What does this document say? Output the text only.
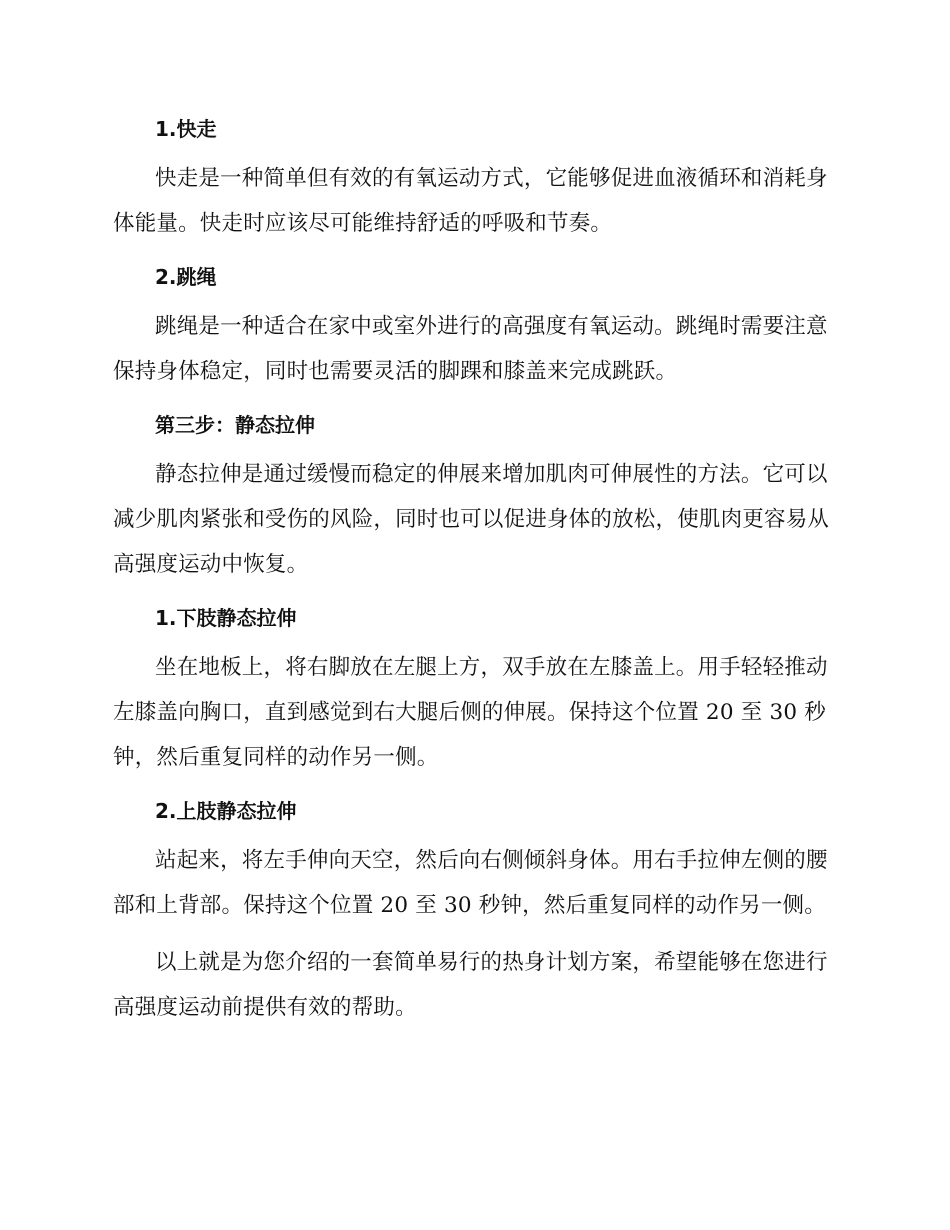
1.快走

快走是一种简单但有效的有氧运动方式，它能够促进血液循环和消耗身体能量。快走时应该尽可能维持舒适的呼吸和节奏。

2.跳绳

跳绳是一种适合在家中或室外进行的高强度有氧运动。跳绳时需要注意保持身体稳定，同时也需要灵活的脚踝和膝盖来完成跳跃。

第三步：静态拉伸

静态拉伸是通过缓慢而稳定的伸展来增加肌肉可伸展性的方法。它可以减少肌肉紧张和受伤的风险，同时也可以促进身体的放松，使肌肉更容易从高强度运动中恢复。

1.下肢静态拉伸

坐在地板上，将右脚放在左腿上方，双手放在左膝盖上。用手轻轻推动左膝盖向胸口，直到感觉到右大腿后侧的伸展。保持这个位置 20 至 30 秒钟，然后重复同样的动作另一侧。

2.上肢静态拉伸

站起来，将左手伸向天空，然后向右侧倾斜身体。用右手拉伸左侧的腰部和上背部。保持这个位置 20 至 30 秒钟，然后重复同样的动作另一侧。

以上就是为您介绍的一套简单易行的热身计划方案，希望能够在您进行高强度运动前提供有效的帮助。
